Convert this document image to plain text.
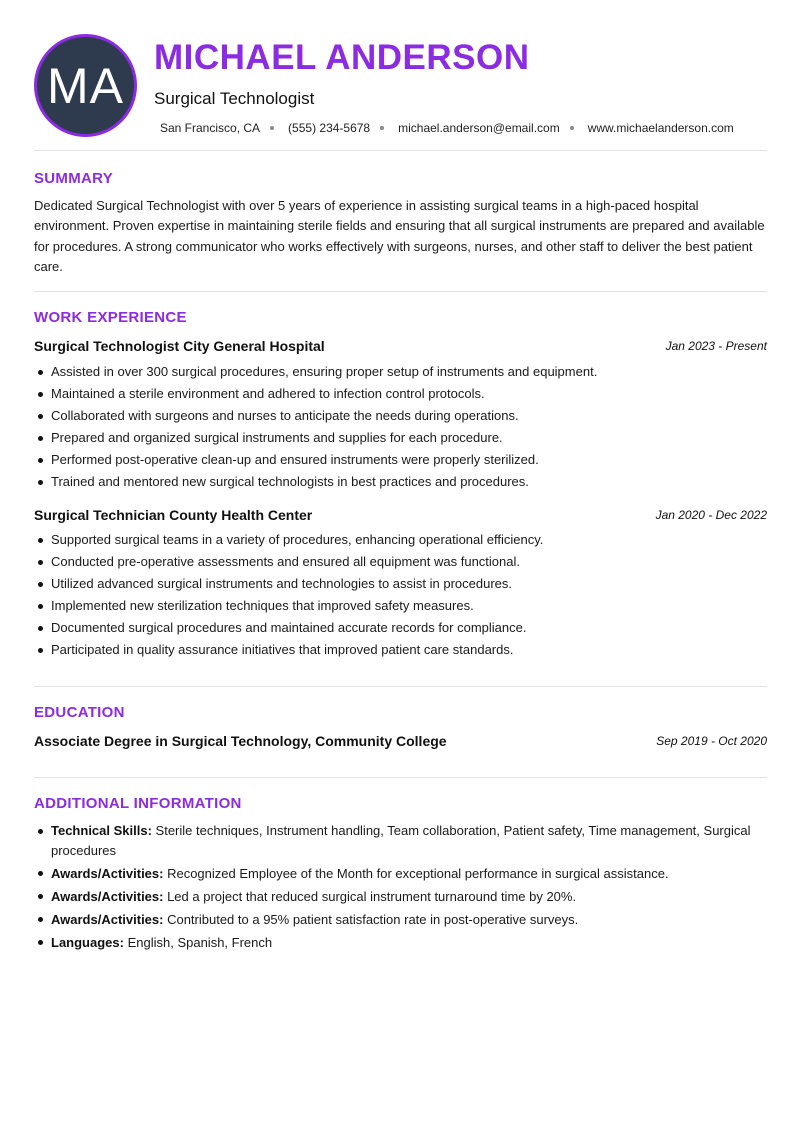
MA MICHAEL ANDERSON
Surgical Technologist
San Francisco, CA (555) 234-5678 michael.anderson@email.com www.michaelanderson.com
SUMMARY
Dedicated Surgical Technologist with over 5 years of experience in assisting surgical teams in a high-paced hospital environment. Proven expertise in maintaining sterile fields and ensuring that all surgical instruments are prepared and available for procedures. A strong communicator who works effectively with surgeons, nurses, and other staff to deliver the best patient care.
WORK EXPERIENCE
Surgical Technologist City General Hospital	Jan 2023 - Present
Assisted in over 300 surgical procedures, ensuring proper setup of instruments and equipment.
Maintained a sterile environment and adhered to infection control protocols.
Collaborated with surgeons and nurses to anticipate the needs during operations.
Prepared and organized surgical instruments and supplies for each procedure.
Performed post-operative clean-up and ensured instruments were properly sterilized.
Trained and mentored new surgical technologists in best practices and procedures.
Surgical Technician County Health Center	Jan 2020 - Dec 2022
Supported surgical teams in a variety of procedures, enhancing operational efficiency.
Conducted pre-operative assessments and ensured all equipment was functional.
Utilized advanced surgical instruments and technologies to assist in procedures.
Implemented new sterilization techniques that improved safety measures.
Documented surgical procedures and maintained accurate records for compliance.
Participated in quality assurance initiatives that improved patient care standards.
EDUCATION
Associate Degree in Surgical Technology, Community College	Sep 2019 - Oct 2020
ADDITIONAL INFORMATION
Technical Skills: Sterile techniques, Instrument handling, Team collaboration, Patient safety, Time management, Surgical procedures
Awards/Activities: Recognized Employee of the Month for exceptional performance in surgical assistance.
Awards/Activities: Led a project that reduced surgical instrument turnaround time by 20%.
Awards/Activities: Contributed to a 95% patient satisfaction rate in post-operative surveys.
Languages: English, Spanish, French
